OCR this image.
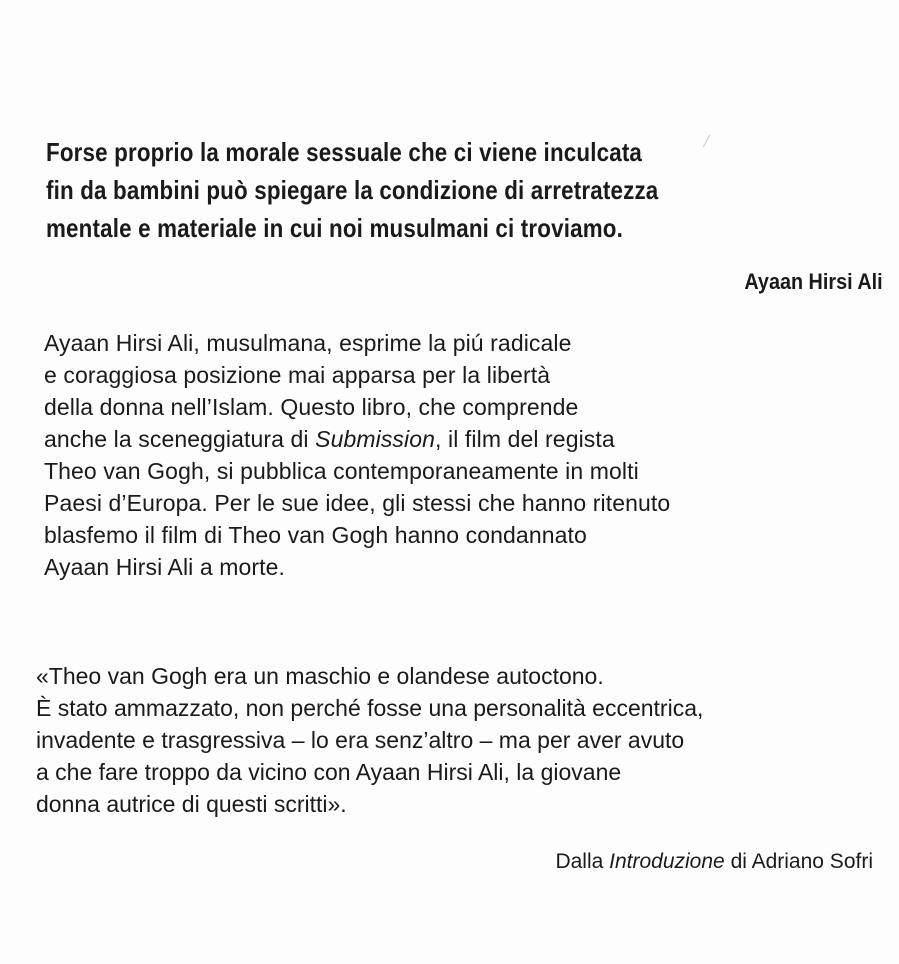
Forse proprio la morale sessuale che ci viene inculcata
fin da bambini può spiegare la condizione di arretratezza
mentale e materiale in cui noi musulmani ci troviamo.
Ayaan Hirsi Ali
Ayaan Hirsi Ali, musulmana, esprime la piú radicale
e coraggiosa posizione mai apparsa per la libertà
della donna nell’Islam. Questo libro, che comprende
anche la sceneggiatura di Submission, il film del regista
Theo van Gogh, si pubblica contemporaneamente in molti
Paesi d’Europa. Per le sue idee, gli stessi che hanno ritenuto
blasfemo il film di Theo van Gogh hanno condannato
Ayaan Hirsi Ali a morte.
«Theo van Gogh era un maschio e olandese autoctono.
È stato ammazzato, non perché fosse una personalità eccentrica,
invadente e trasgressiva – lo era senz’altro – ma per aver avuto
a che fare troppo da vicino con Ayaan Hirsi Ali, la giovane
donna autrice di questi scritti».
Dalla Introduzione di Adriano Sofri
